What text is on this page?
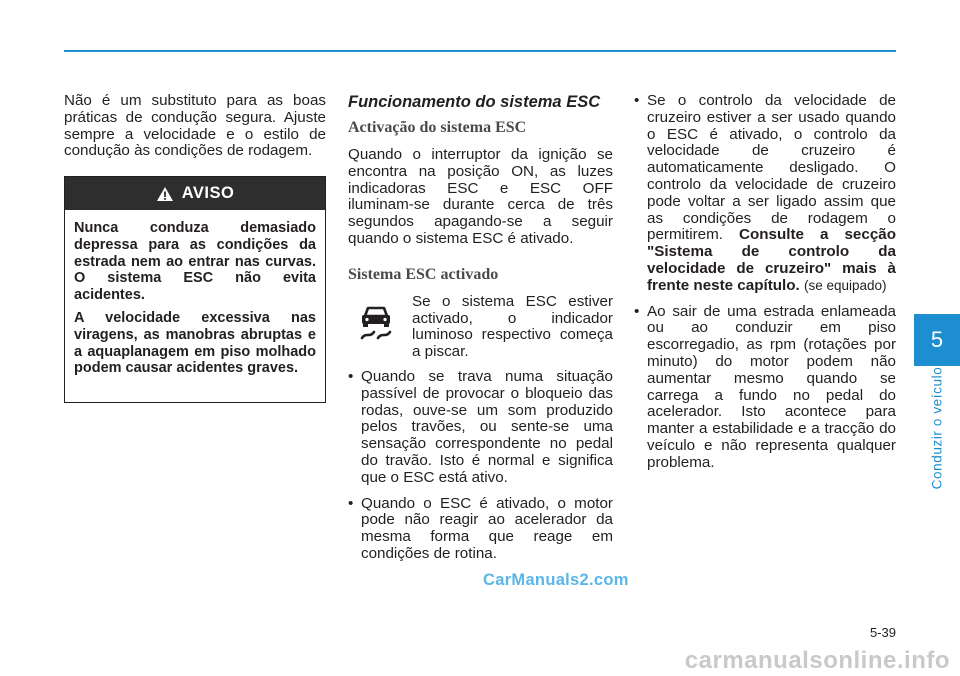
Não é um substituto para as boas práticas de condução segura. Ajuste sempre a velocidade e o estilo de condução às condições de rodagem.

AVISO

Nunca conduza demasiado depressa para as condições da estrada nem ao entrar nas curvas. O sistema ESC não evita acidentes.

A velocidade excessiva nas viragens, as manobras abruptas e a aquaplanagem em piso molhado podem causar acidentes graves.

Funcionamento do sistema ESC
Activação do sistema ESC

Quando o interruptor da ignição se encontra na posição ON, as luzes indicadoras ESC e ESC OFF iluminam-se durante cerca de três segundos apagando-se a seguir quando o sistema ESC é ativado.

Sistema ESC activado
Se o sistema ESC estiver activado, o indicador luminoso respectivo começa a piscar.
• Quando se trava numa situação passível de provocar o bloqueio das rodas, ouve-se um som produzido pelos travões, ou sente-se uma sensação correspondente no pedal do travão. Isto é normal e significa que o ESC está ativo.
• Quando o ESC é ativado, o motor pode não reagir ao acelerador da mesma forma que reage em condições de rotina.
• Se o controlo da velocidade de cruzeiro estiver a ser usado quando o ESC é ativado, o controlo da velocidade de cruzeiro é automaticamente desligado. O controlo da velocidade de cruzeiro pode voltar a ser ligado assim que as condições de rodagem o permitirem. Consulte a secção "Sistema de controlo da velocidade de cruzeiro" mais à frente neste capítulo. (se equipado)
• Ao sair de uma estrada enlameada ou ao conduzir em piso escorregadio, as rpm (rotações por minuto) do motor podem não aumentar mesmo quando se carrega a fundo no pedal do acelerador. Isto acontece para manter a estabilidade e a tracção do veículo e não representa qualquer problema.
5
Conduzir o veículo
5-39
CarManuals2.com
carmanualsonline.info
